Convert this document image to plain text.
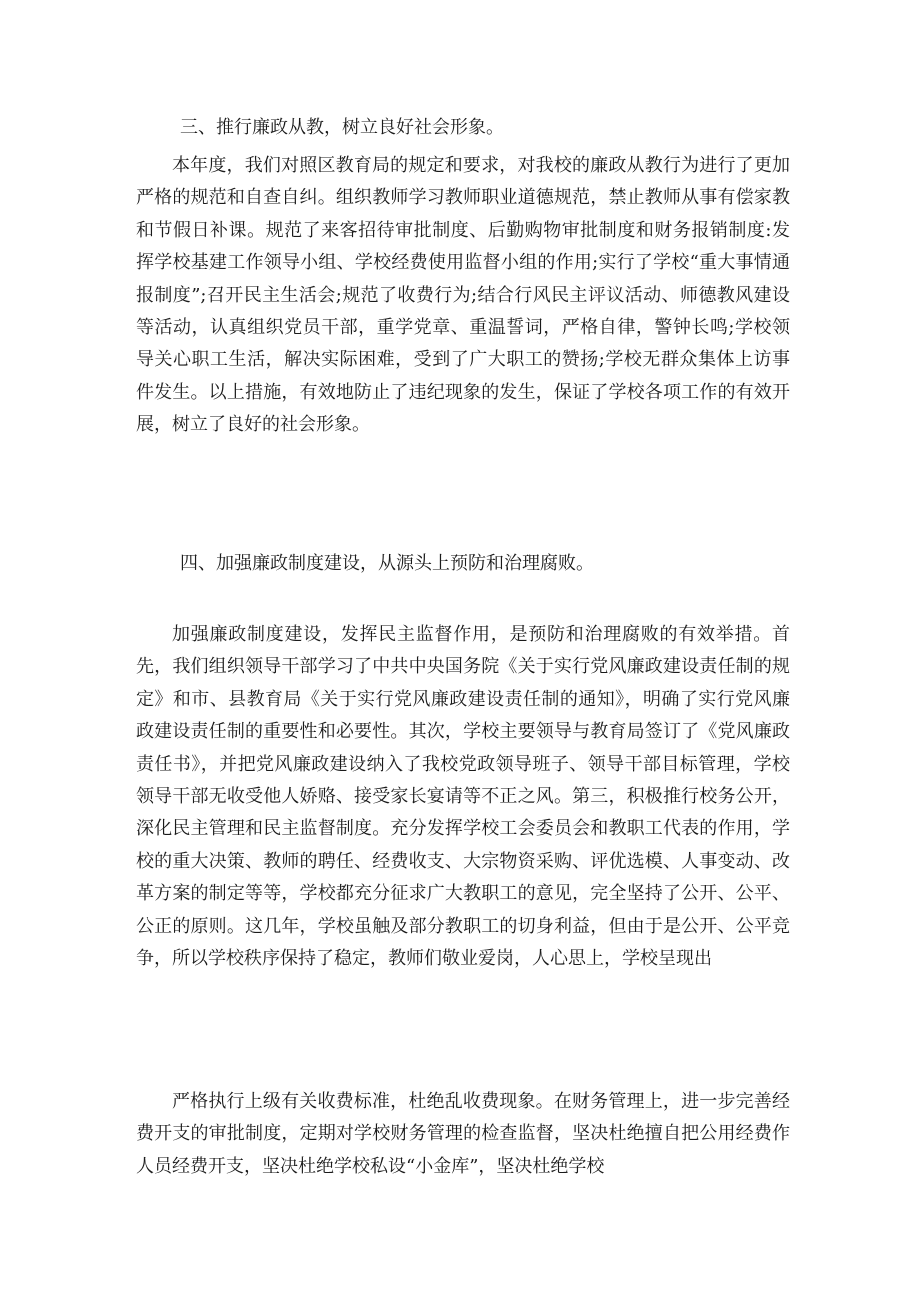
三、推行廉政从教，树立良好社会形象。

本年度，我们对照区教育局的规定和要求，对我校的廉政从教行为进行了更加严格的规范和自查自纠。组织教师学习教师职业道德规范，禁止教师从事有偿家教和节假日补课。规范了来客招待审批制度、后勤购物审批制度和财务报销制度:发挥学校基建工作领导小组、学校经费使用监督小组的作用;实行了学校“重大事情通报制度”;召开民主生活会;规范了收费行为;结合行风民主评议活动、师德教风建设等活动，认真组织党员干部，重学党章、重温誓词，严格自律，警钟长鸣;学校领导关心职工生活，解决实际困难，受到了广大职工的赞扬;学校无群众集体上访事件发生。以上措施，有效地防止了违纪现象的发生，保证了学校各项工作的有效开展，树立了良好的社会形象。

四、加强廉政制度建设，从源头上预防和治理腐败。

加强廉政制度建设，发挥民主监督作用，是预防和治理腐败的有效举措。首先，我们组织领导干部学习了中共中央国务院《关于实行党风廉政建设责任制的规定》和市、县教育局《关于实行党风廉政建设责任制的通知》，明确了实行党风廉政建设责任制的重要性和必要性。其次，学校主要领导与教育局签订了《党风廉政责任书》，并把党风廉政建设纳入了我校党政领导班子、领导干部目标管理，学校领导干部无收受他人娇赂、接受家长宴请等不正之风。第三，积极推行校务公开，深化民主管理和民主监督制度。充分发挥学校工会委员会和教职工代表的作用，学校的重大决策、教师的聘任、经费收支、大宗物资采购、评优选模、人事变动、改革方案的制定等等，学校都充分征求广大教职工的意见，完全坚持了公开、公平、公正的原则。这几年，学校虽触及部分教职工的切身利益，但由于是公开、公平竞争，所以学校秩序保持了稳定，教师们敬业爱岗，人心思上，学校呈现出

严格执行上级有关收费标准，杜绝乱收费现象。在财务管理上，进一步完善经费开支的审批制度，定期对学校财务管理的检查监督，坚决杜绝擅自把公用经费作人员经费开支，坚决杜绝学校私设“小金库”，坚决杜绝学校
